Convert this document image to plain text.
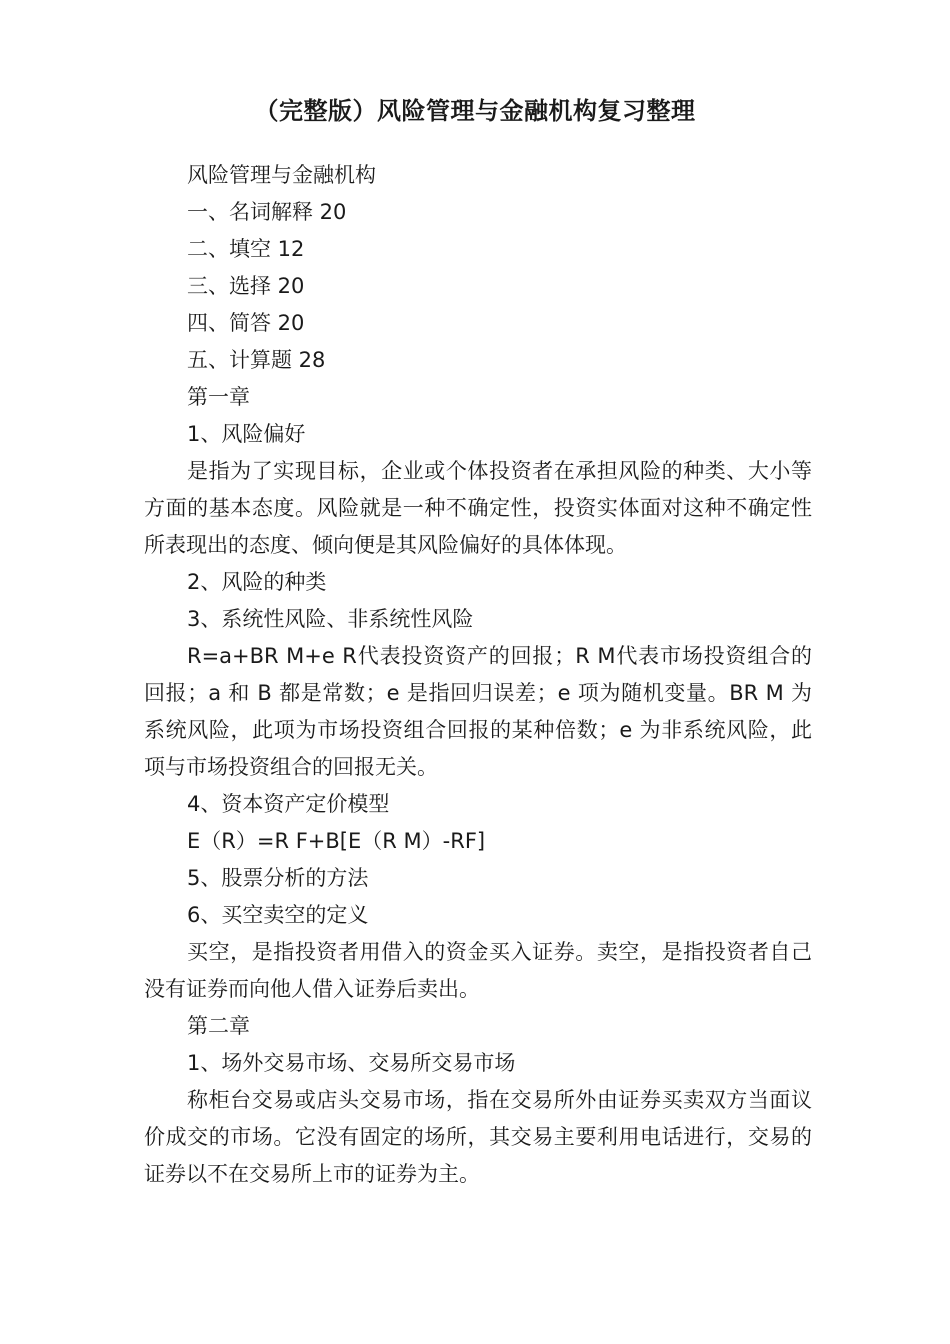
（完整版）风险管理与金融机构复习整理

风险管理与金融机构

一、名词解释 20

二、填空 12

三、选择 20

四、简答 20

五、计算题 28

第一章

1、风险偏好

是指为了实现目标，企业或个体投资者在承担风险的种类、大小等方面的基本态度。风险就是一种不确定性，投资实体面对这种不确定性所表现出的态度、倾向便是其风险偏好的具体体现。

2、风险的种类

3、系统性风险、非系统性风险

R=a+BR M+e R代表投资资产的回报；R M代表市场投资组合的回报；a 和 B 都是常数；e 是指回归误差；e 项为随机变量。BR M 为系统风险，此项为市场投资组合回报的某种倍数；e 为非系统风险，此项与市场投资组合的回报无关。

4、资本资产定价模型

E（R）=R F+B[E（R M）-RF]

5、股票分析的方法

6、买空卖空的定义

买空，是指投资者用借入的资金买入证券。卖空，是指投资者自己没有证券而向他人借入证券后卖出。

第二章

1、场外交易市场、交易所交易市场

称柜台交易或店头交易市场，指在交易所外由证券买卖双方当面议价成交的市场。它没有固定的场所，其交易主要利用电话进行，交易的证券以不在交易所上市的证券为主。
